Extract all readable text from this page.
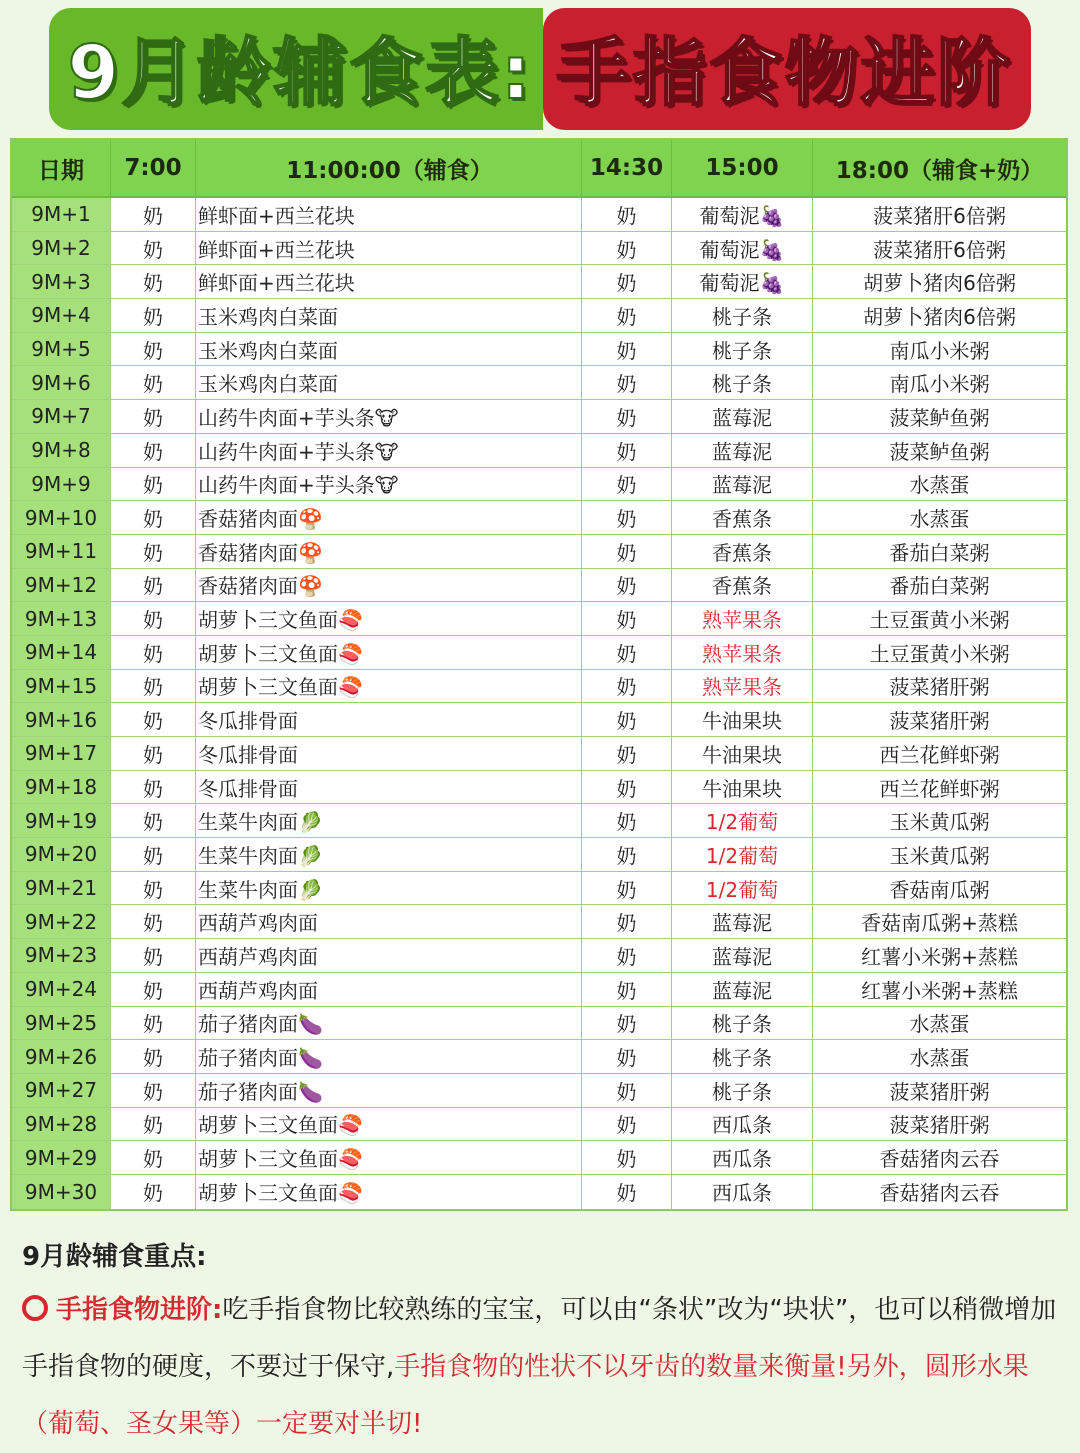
9月龄辅食表: 手指食物进阶
日期	7:00	11:00:00（辅食）	14:30	15:00	18:00（辅食+奶）
9M+1	奶	鲜虾面+西兰花块	奶	葡萄泥🍇	菠菜猪肝6倍粥
9M+2	奶	鲜虾面+西兰花块	奶	葡萄泥🍇	菠菜猪肝6倍粥
9M+3	奶	鲜虾面+西兰花块	奶	葡萄泥🍇	胡萝卜猪肉6倍粥
9M+4	奶	玉米鸡肉白菜面	奶	桃子条	胡萝卜猪肉6倍粥
9M+5	奶	玉米鸡肉白菜面	奶	桃子条	南瓜小米粥
9M+6	奶	玉米鸡肉白菜面	奶	桃子条	南瓜小米粥
9M+7	奶	山药牛肉面+芋头条🐮	奶	蓝莓泥	菠菜鲈鱼粥
9M+8	奶	山药牛肉面+芋头条🐮	奶	蓝莓泥	菠菜鲈鱼粥
9M+9	奶	山药牛肉面+芋头条🐮	奶	蓝莓泥	水蒸蛋
9M+10	奶	香菇猪肉面🍄	奶	香蕉条	水蒸蛋
9M+11	奶	香菇猪肉面🍄	奶	香蕉条	番茄白菜粥
9M+12	奶	香菇猪肉面🍄	奶	香蕉条	番茄白菜粥
9M+13	奶	胡萝卜三文鱼面🍣	奶	熟苹果条	土豆蛋黄小米粥
9M+14	奶	胡萝卜三文鱼面🍣	奶	熟苹果条	土豆蛋黄小米粥
9M+15	奶	胡萝卜三文鱼面🍣	奶	熟苹果条	菠菜猪肝粥
9M+16	奶	冬瓜排骨面	奶	牛油果块	菠菜猪肝粥
9M+17	奶	冬瓜排骨面	奶	牛油果块	西兰花鲜虾粥
9M+18	奶	冬瓜排骨面	奶	牛油果块	西兰花鲜虾粥
9M+19	奶	生菜牛肉面🥬	奶	1/2葡萄	玉米黄瓜粥
9M+20	奶	生菜牛肉面🥬	奶	1/2葡萄	玉米黄瓜粥
9M+21	奶	生菜牛肉面🥬	奶	1/2葡萄	香菇南瓜粥
9M+22	奶	西葫芦鸡肉面	奶	蓝莓泥	香菇南瓜粥+蒸糕
9M+23	奶	西葫芦鸡肉面	奶	蓝莓泥	红薯小米粥+蒸糕
9M+24	奶	西葫芦鸡肉面	奶	蓝莓泥	红薯小米粥+蒸糕
9M+25	奶	茄子猪肉面🍆	奶	桃子条	水蒸蛋
9M+26	奶	茄子猪肉面🍆	奶	桃子条	水蒸蛋
9M+27	奶	茄子猪肉面🍆	奶	桃子条	菠菜猪肝粥
9M+28	奶	胡萝卜三文鱼面🍣	奶	西瓜条	菠菜猪肝粥
9M+29	奶	胡萝卜三文鱼面🍣	奶	西瓜条	香菇猪肉云吞
9M+30	奶	胡萝卜三文鱼面🍣	奶	西瓜条	香菇猪肉云吞
9月龄辅食重点:
手指食物进阶:吃手指食物比较熟练的宝宝，可以由“条状”改为“块状”，也可以稍微增加手指食物的硬度，不要过于保守,手指食物的性状不以牙齿的数量来衡量!另外，圆形水果（葡萄、圣女果等）一定要对半切!
